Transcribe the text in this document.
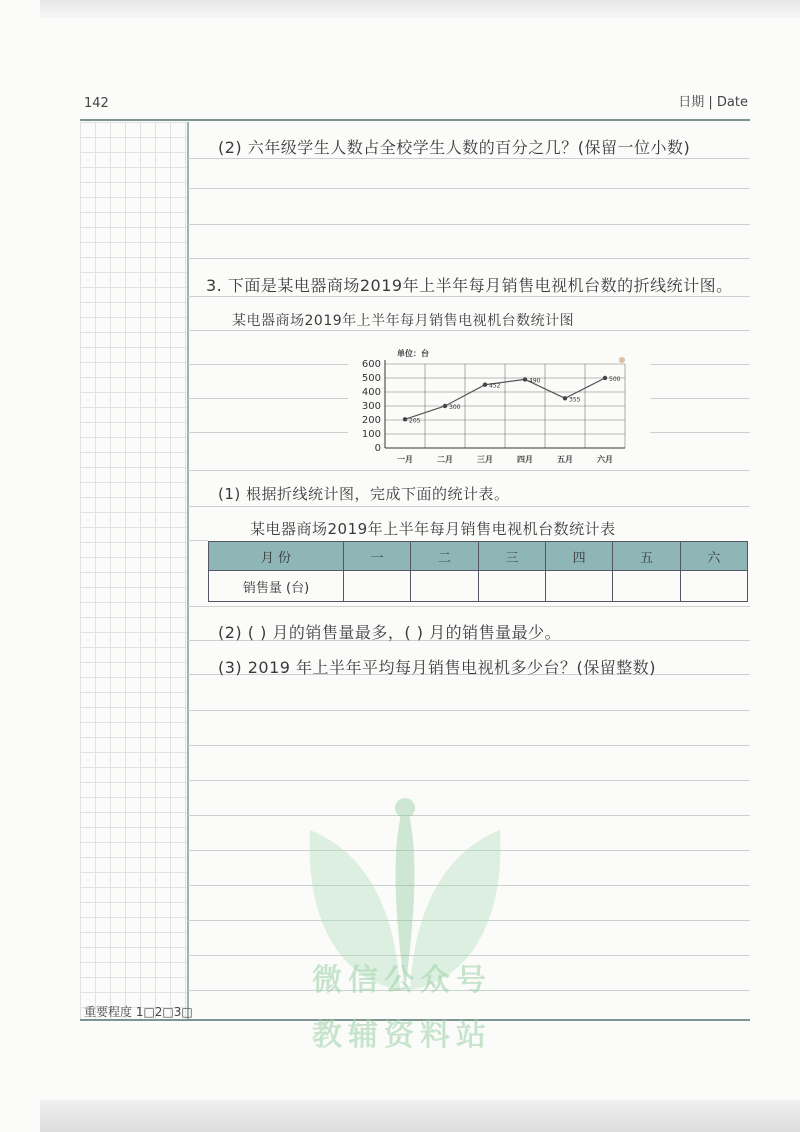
142	日期 | Date
(2) 六年级学生人数占全校学生人数的百分之几？(保留一位小数)
3. 下面是某电器商场2019年上半年每月销售电视机台数的折线统计图。
某电器商场2019年上半年每月销售电视机台数统计图
0
100
200
300
400
500
600
一月	二月	三月	四月	五月	六月
205
300
452
490
355
500
单位：台
(1) 根据折线统计图，完成下面的统计表。
某电器商场2019年上半年每月销售电视机台数统计表
月 份	一	二	三	四	五	六
销售量 (台)						
(2) ( ) 月的销售量最多，( ) 月的销售量最少。
(3) 2019 年上半年平均每月销售电视机多少台？(保留整数)
微信公众号
教辅资料站
重要程度 1□2□3□
